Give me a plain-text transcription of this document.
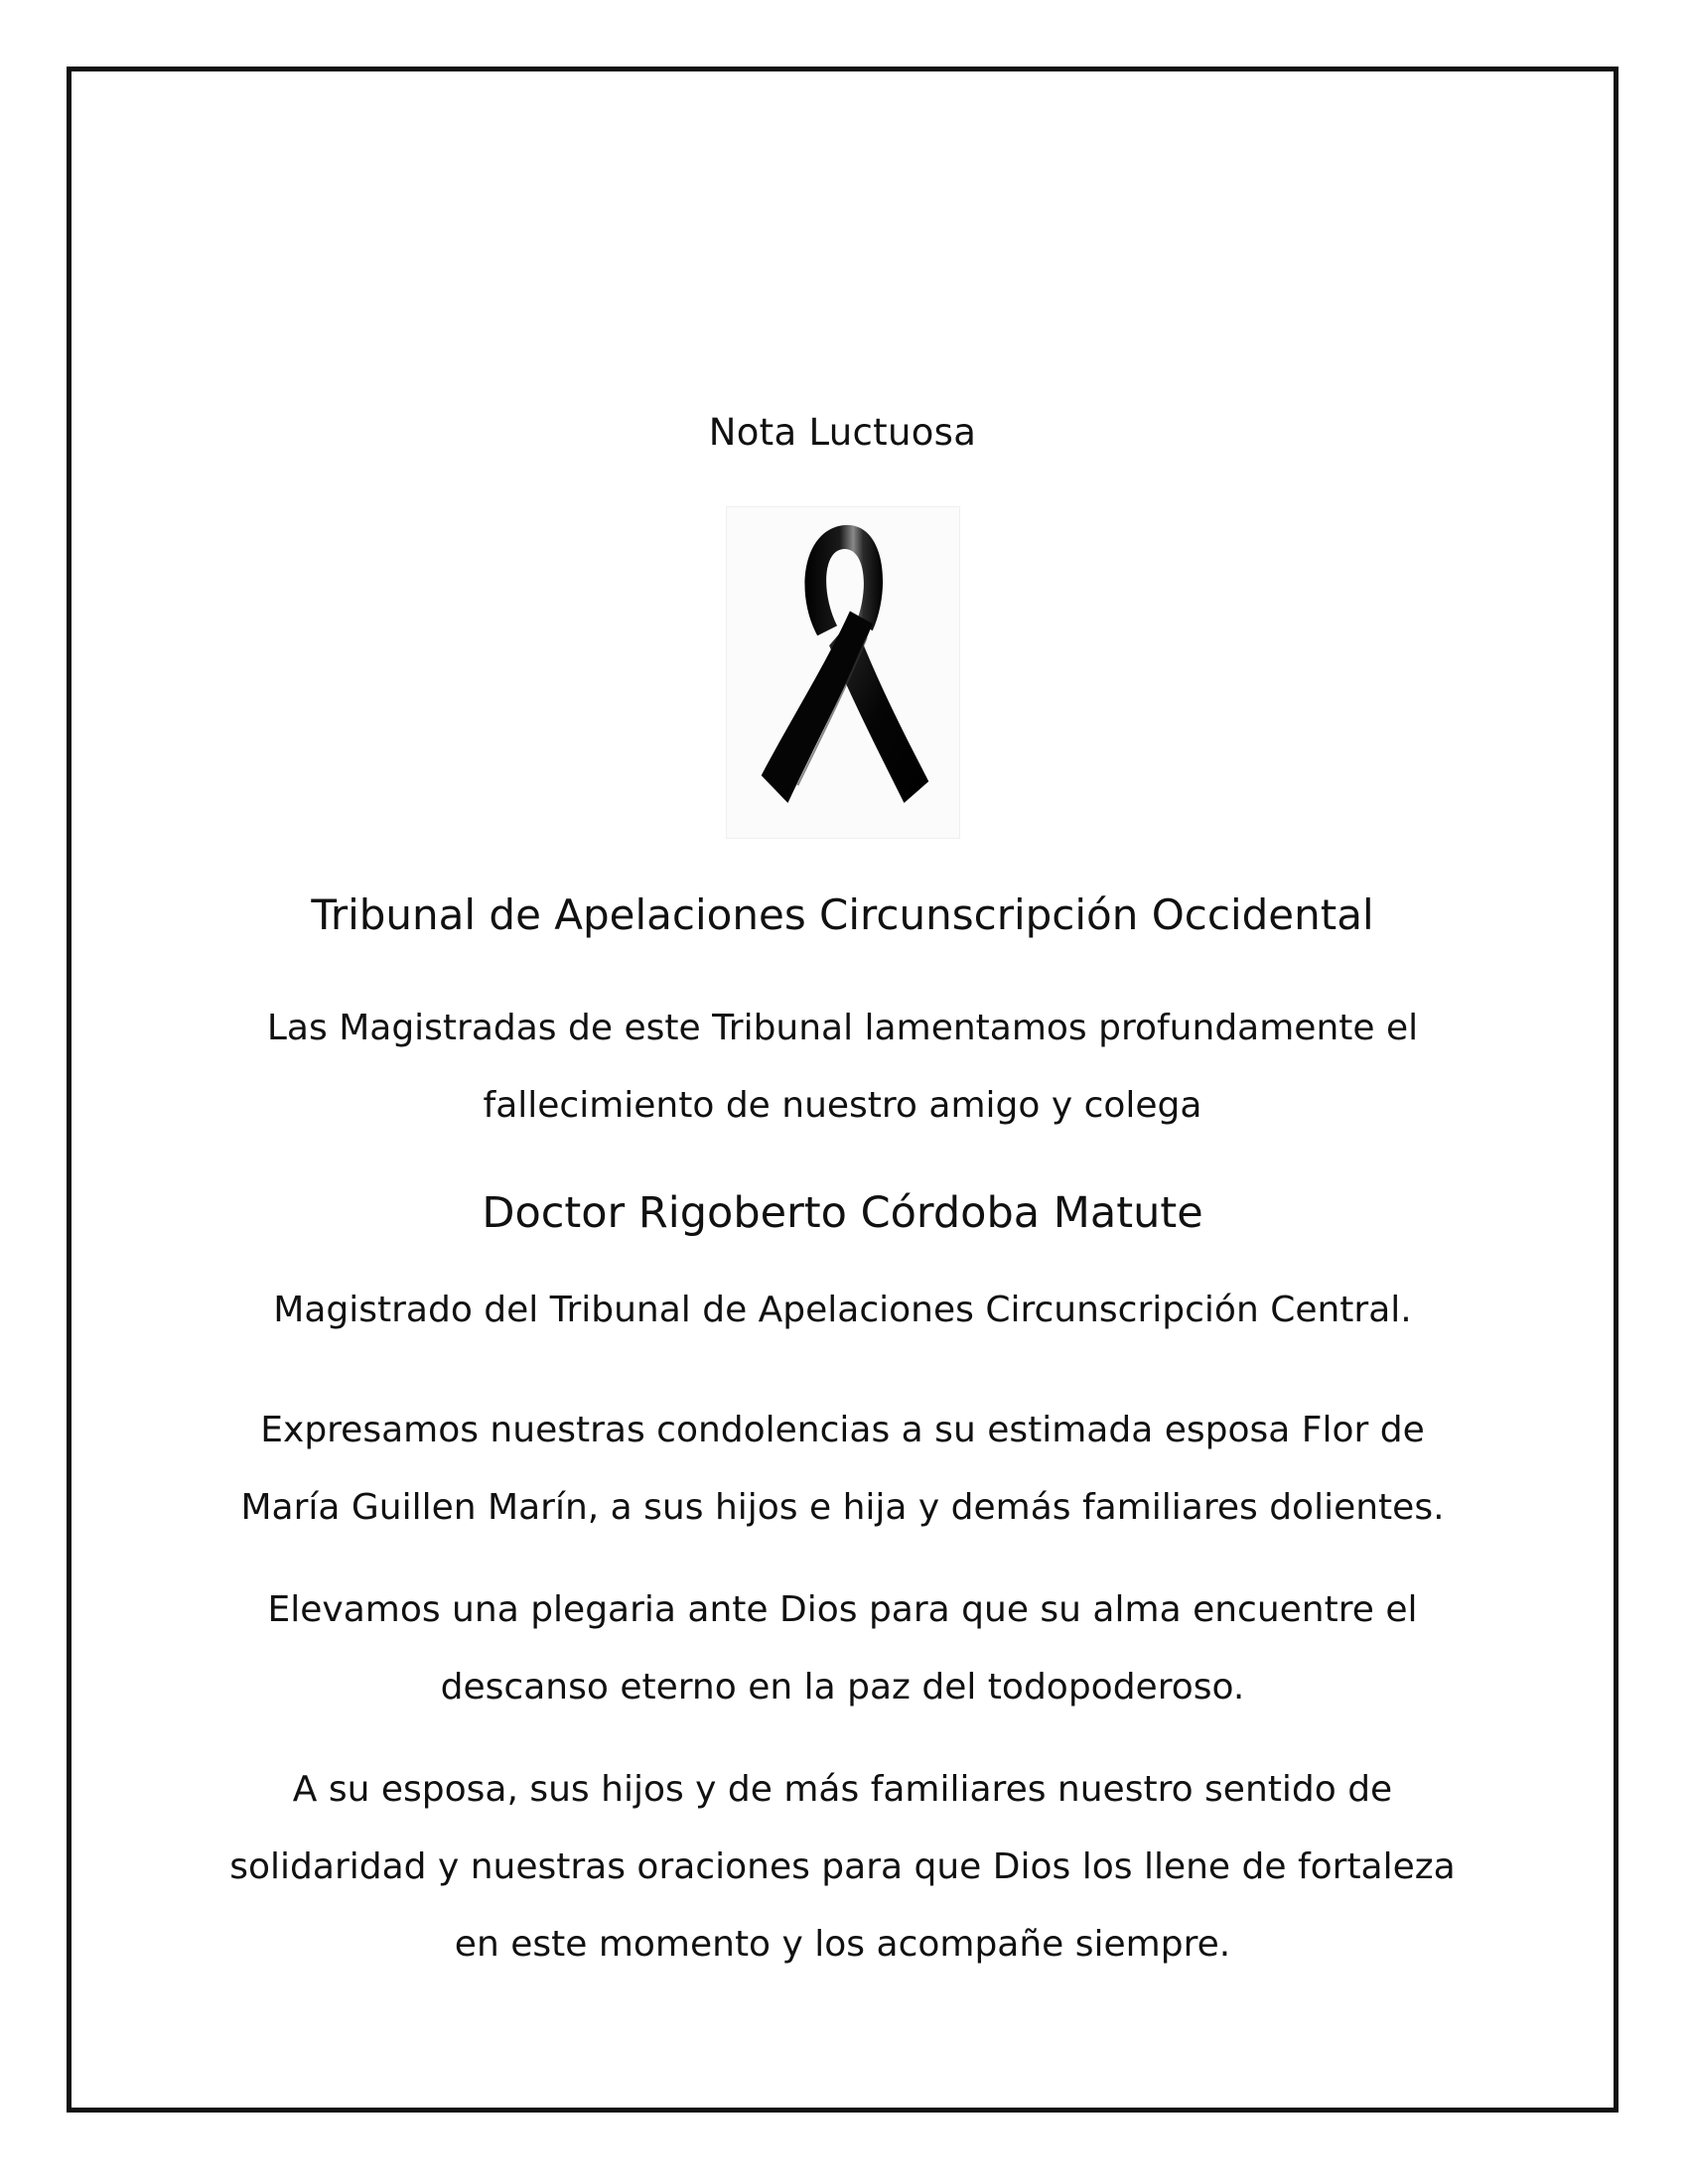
Nota Luctuosa
Tribunal de Apelaciones Circunscripción Occidental
Las Magistradas de este Tribunal lamentamos profundamente el
fallecimiento de nuestro amigo y colega
Doctor Rigoberto Córdoba Matute
Magistrado del Tribunal de Apelaciones Circunscripción Central.
Expresamos nuestras condolencias a su estimada esposa Flor de
María Guillen Marín, a sus hijos e hija y demás familiares dolientes.
Elevamos una plegaria ante Dios para que su alma encuentre el
descanso eterno en la paz del todopoderoso.
A su esposa, sus hijos y de más familiares nuestro sentido de
solidaridad y nuestras oraciones para que Dios los llene de fortaleza
en este momento y los acompañe siempre.
